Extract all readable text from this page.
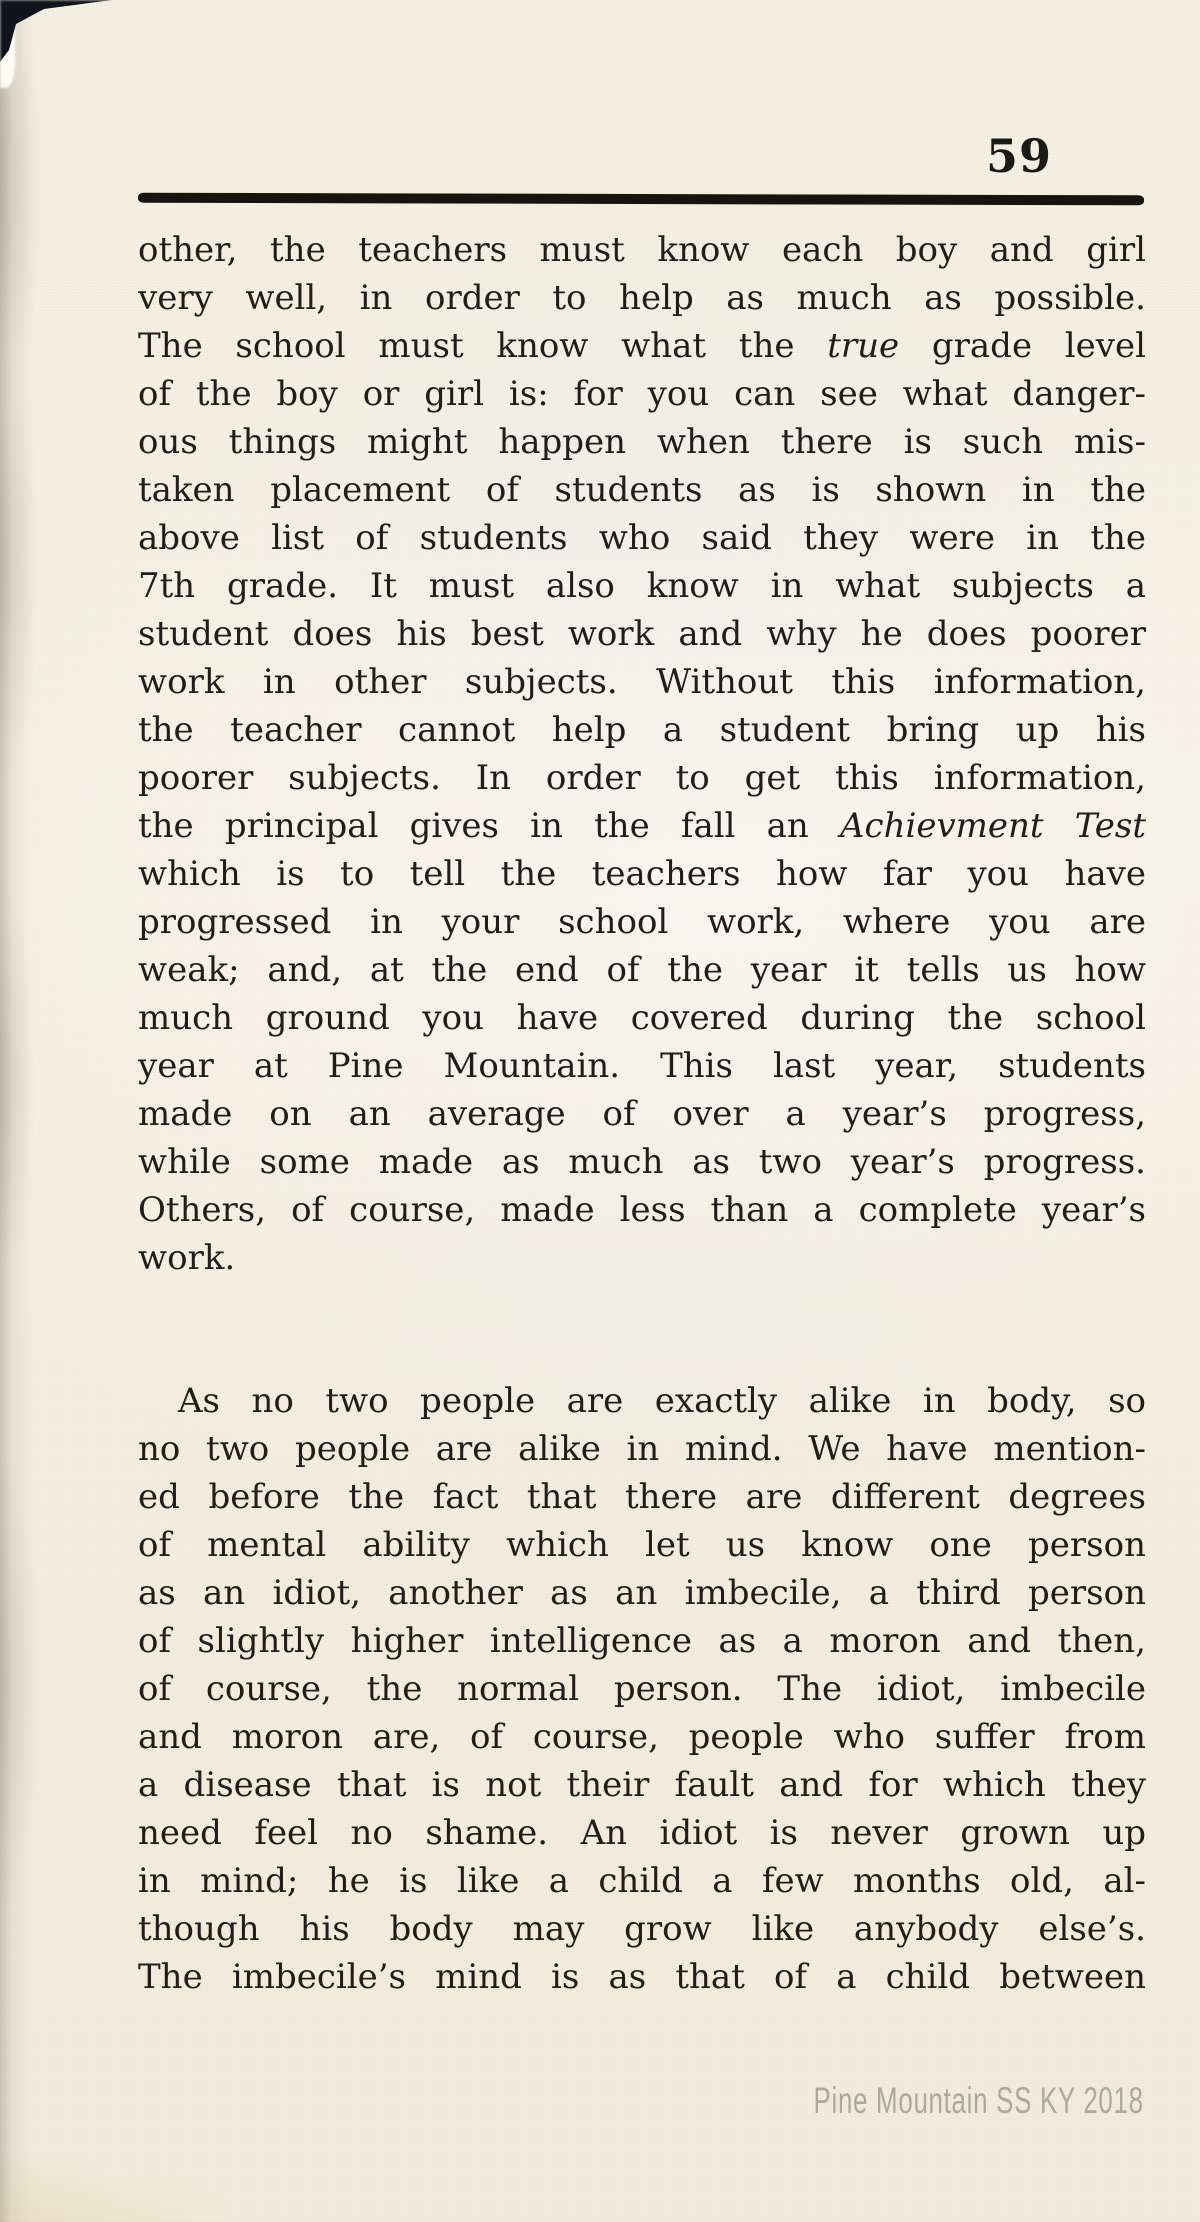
59
other, the teachers must know each boy and girl
very well, in order to help as much as possible.
The school must know what the true grade level
of the boy or girl is: for you can see what danger-
ous things might happen when there is such mis-
taken placement of students as is shown in the
above list of students who said they were in the
7th grade. It must also know in what subjects a
student does his best work and why he does poorer
work in other subjects. Without this information,
the teacher cannot help a student bring up his
poorer subjects. In order to get this information,
the principal gives in the fall an Achievment Test
which is to tell the teachers how far you have
progressed in your school work, where you are
weak; and, at the end of the year it tells us how
much ground you have covered during the school
year at Pine Mountain. This last year, students
made on an average of over a year’s progress,
while some made as much as two year’s progress.
Others, of course, made less than a complete year’s
work.
As no two people are exactly alike in body, so
no two people are alike in mind. We have mention-
ed before the fact that there are different degrees
of mental ability which let us know one person
as an idiot, another as an imbecile, a third person
of slightly higher intelligence as a moron and then,
of course, the normal person. The idiot, imbecile
and moron are, of course, people who suffer from
a disease that is not their fault and for which they
need feel no shame. An idiot is never grown up
in mind; he is like a child a few months old, al-
though his body may grow like anybody else’s.
The imbecile’s mind is as that of a child between
Pine Mountain SS KY 2018
